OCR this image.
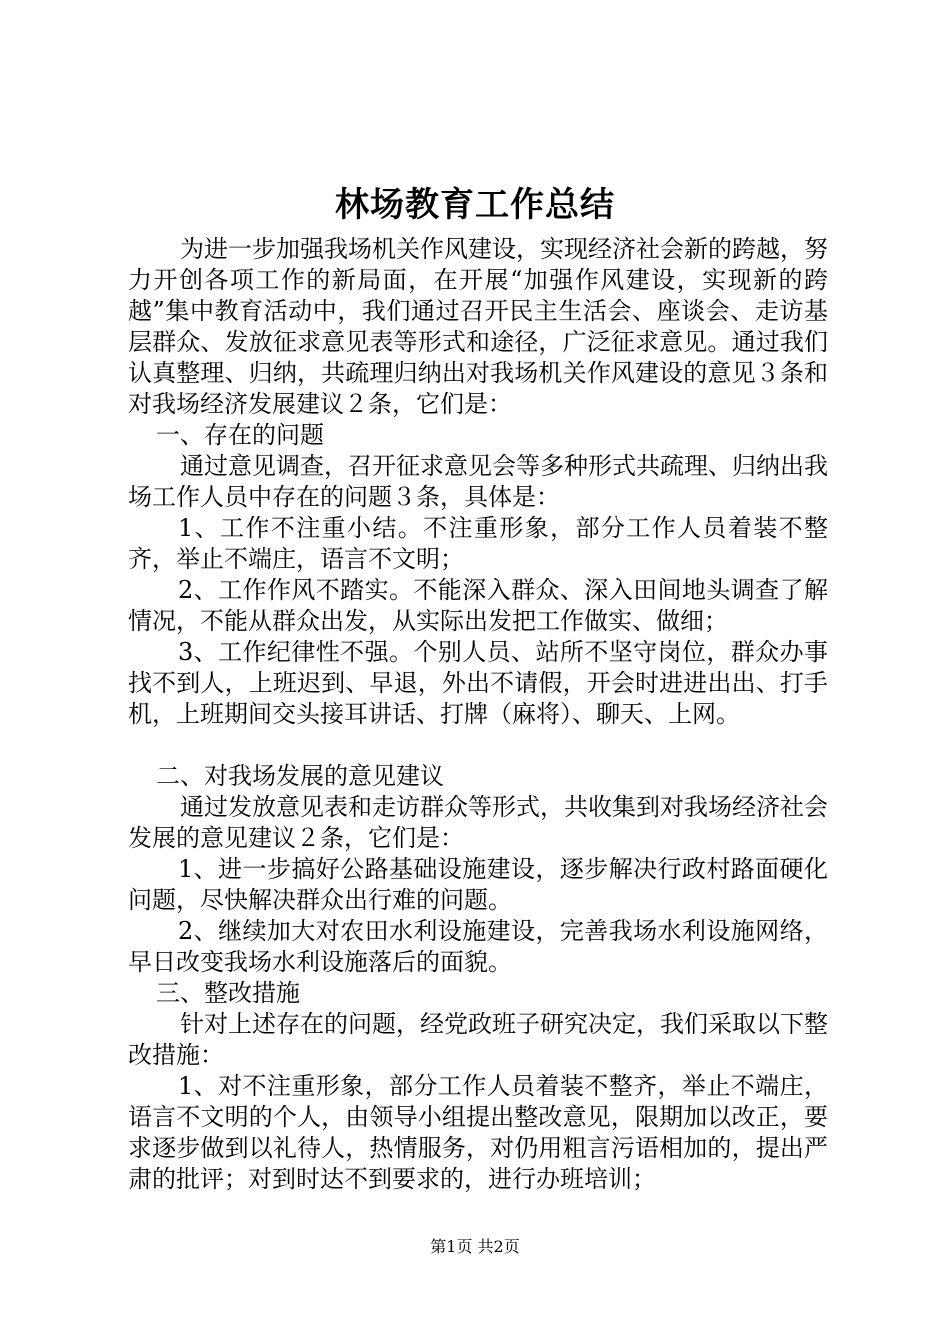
林场教育工作总结

为进一步加强我场机关作风建设，实现经济社会新的跨越，努力开创各项工作的新局面，在开展“加强作风建设，实现新的跨越”集中教育活动中，我们通过召开民主生活会、座谈会、走访基层群众、发放征求意见表等形式和途径，广泛征求意见。通过我们认真整理、归纳，共疏理归纳出对我场机关作风建设的意见３条和对我场经济发展建议２条，它们是：

一、存在的问题

通过意见调查，召开征求意见会等多种形式共疏理、归纳出我场工作人员中存在的问题３条，具体是：

1、工作不注重小结。不注重形象，部分工作人员着装不整齐，举止不端庄，语言不文明；

2、工作作风不踏实。不能深入群众、深入田间地头调查了解情况，不能从群众出发，从实际出发把工作做实、做细；

3、工作纪律性不强。个别人员、站所不坚守岗位，群众办事找不到人，上班迟到、早退，外出不请假，开会时进进出出、打手机，上班期间交头接耳讲话、打牌（麻将）、聊天、上网。

二、对我场发展的意见建议

通过发放意见表和走访群众等形式，共收集到对我场经济社会发展的意见建议２条，它们是：

1、进一步搞好公路基础设施建设，逐步解决行政村路面硬化问题，尽快解决群众出行难的问题。

2、继续加大对农田水利设施建设，完善我场水利设施网络，早日改变我场水利设施落后的面貌。

三、整改措施

针对上述存在的问题，经党政班子研究决定，我们采取以下整改措施：

1、对不注重形象，部分工作人员着装不整齐，举止不端庄，语言不文明的个人，由领导小组提出整改意见，限期加以改正，要求逐步做到以礼待人，热情服务，对仍用粗言污语相加的，提出严肃的批评；对到时达不到要求的，进行办班培训；

第1页 共2页
